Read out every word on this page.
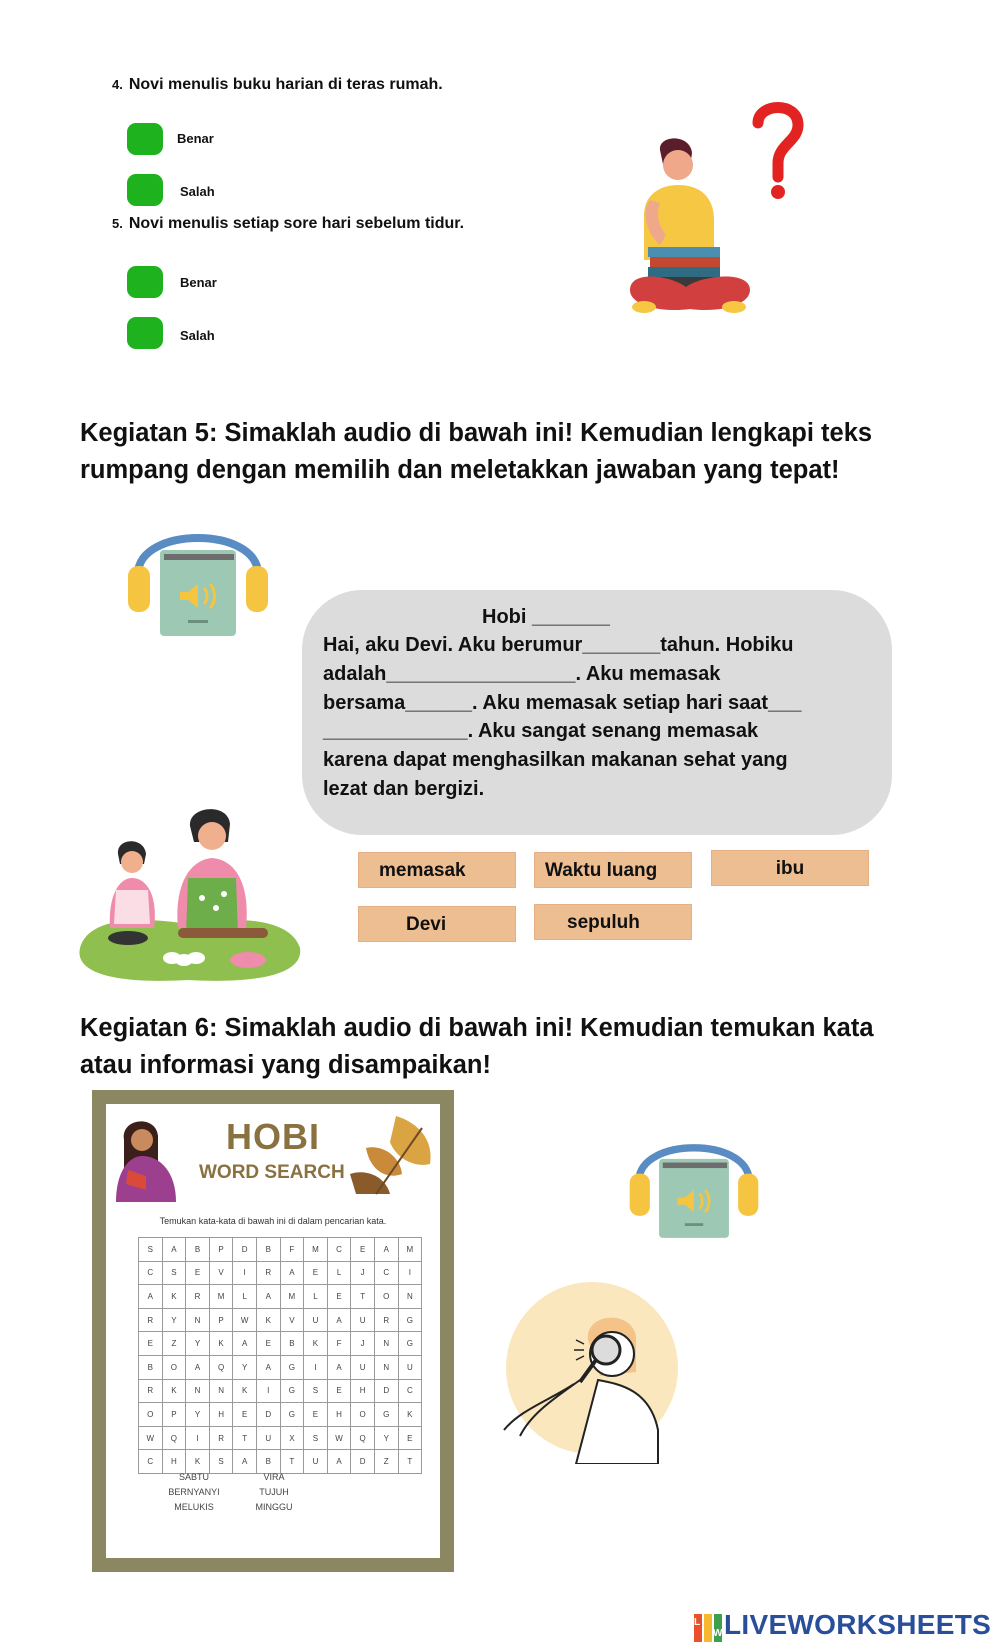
4. Novi menulis buku harian di teras rumah.
Benar
Salah
5. Novi menulis setiap sore hari sebelum tidur.
Benar
Salah
Kegiatan 5: Simaklah audio di bawah ini! Kemudian lengkapi teks
rumpang dengan memilih dan meletakkan jawaban yang tepat!
Hobi _______
Hai, aku Devi. Aku berumur_______tahun. Hobiku
adalah_________________. Aku memasak
bersama______. Aku memasak setiap hari saat___
_____________. Aku sangat senang memasak
karena dapat menghasilkan makanan sehat yang
lezat dan bergizi.
memasak	Waktu luang	ibu
Devi	sepuluh
Kegiatan 6: Simaklah audio di bawah ini! Kemudian temukan kata
atau informasi yang disampaikan!
HOBI
WORD SEARCH
Temukan kata-kata di bawah ini di dalam pencarian kata.
S	A	B	P	D	B	F	M	C	E	A	M
C	S	E	V	I	R	A	E	L	J	C	I
A	K	R	M	L	A	M	L	E	T	O	N
R	Y	N	P	W	K	V	U	A	U	R	G
E	Z	Y	K	A	E	B	K	F	J	N	G
B	O	A	Q	Y	A	G	I	A	U	N	U
R	K	N	N	K	I	G	S	E	H	D	C
O	P	Y	H	E	D	G	E	H	O	G	K
W	Q	I	R	T	U	X	S	W	Q	Y	E
C	H	K	S	A	B	T	U	A	D	Z	T
SABTU
BERNYANYI
MELUKIS
VIRA
TUJUH
MINGGU
L
W LIVEWORKSHEETS
